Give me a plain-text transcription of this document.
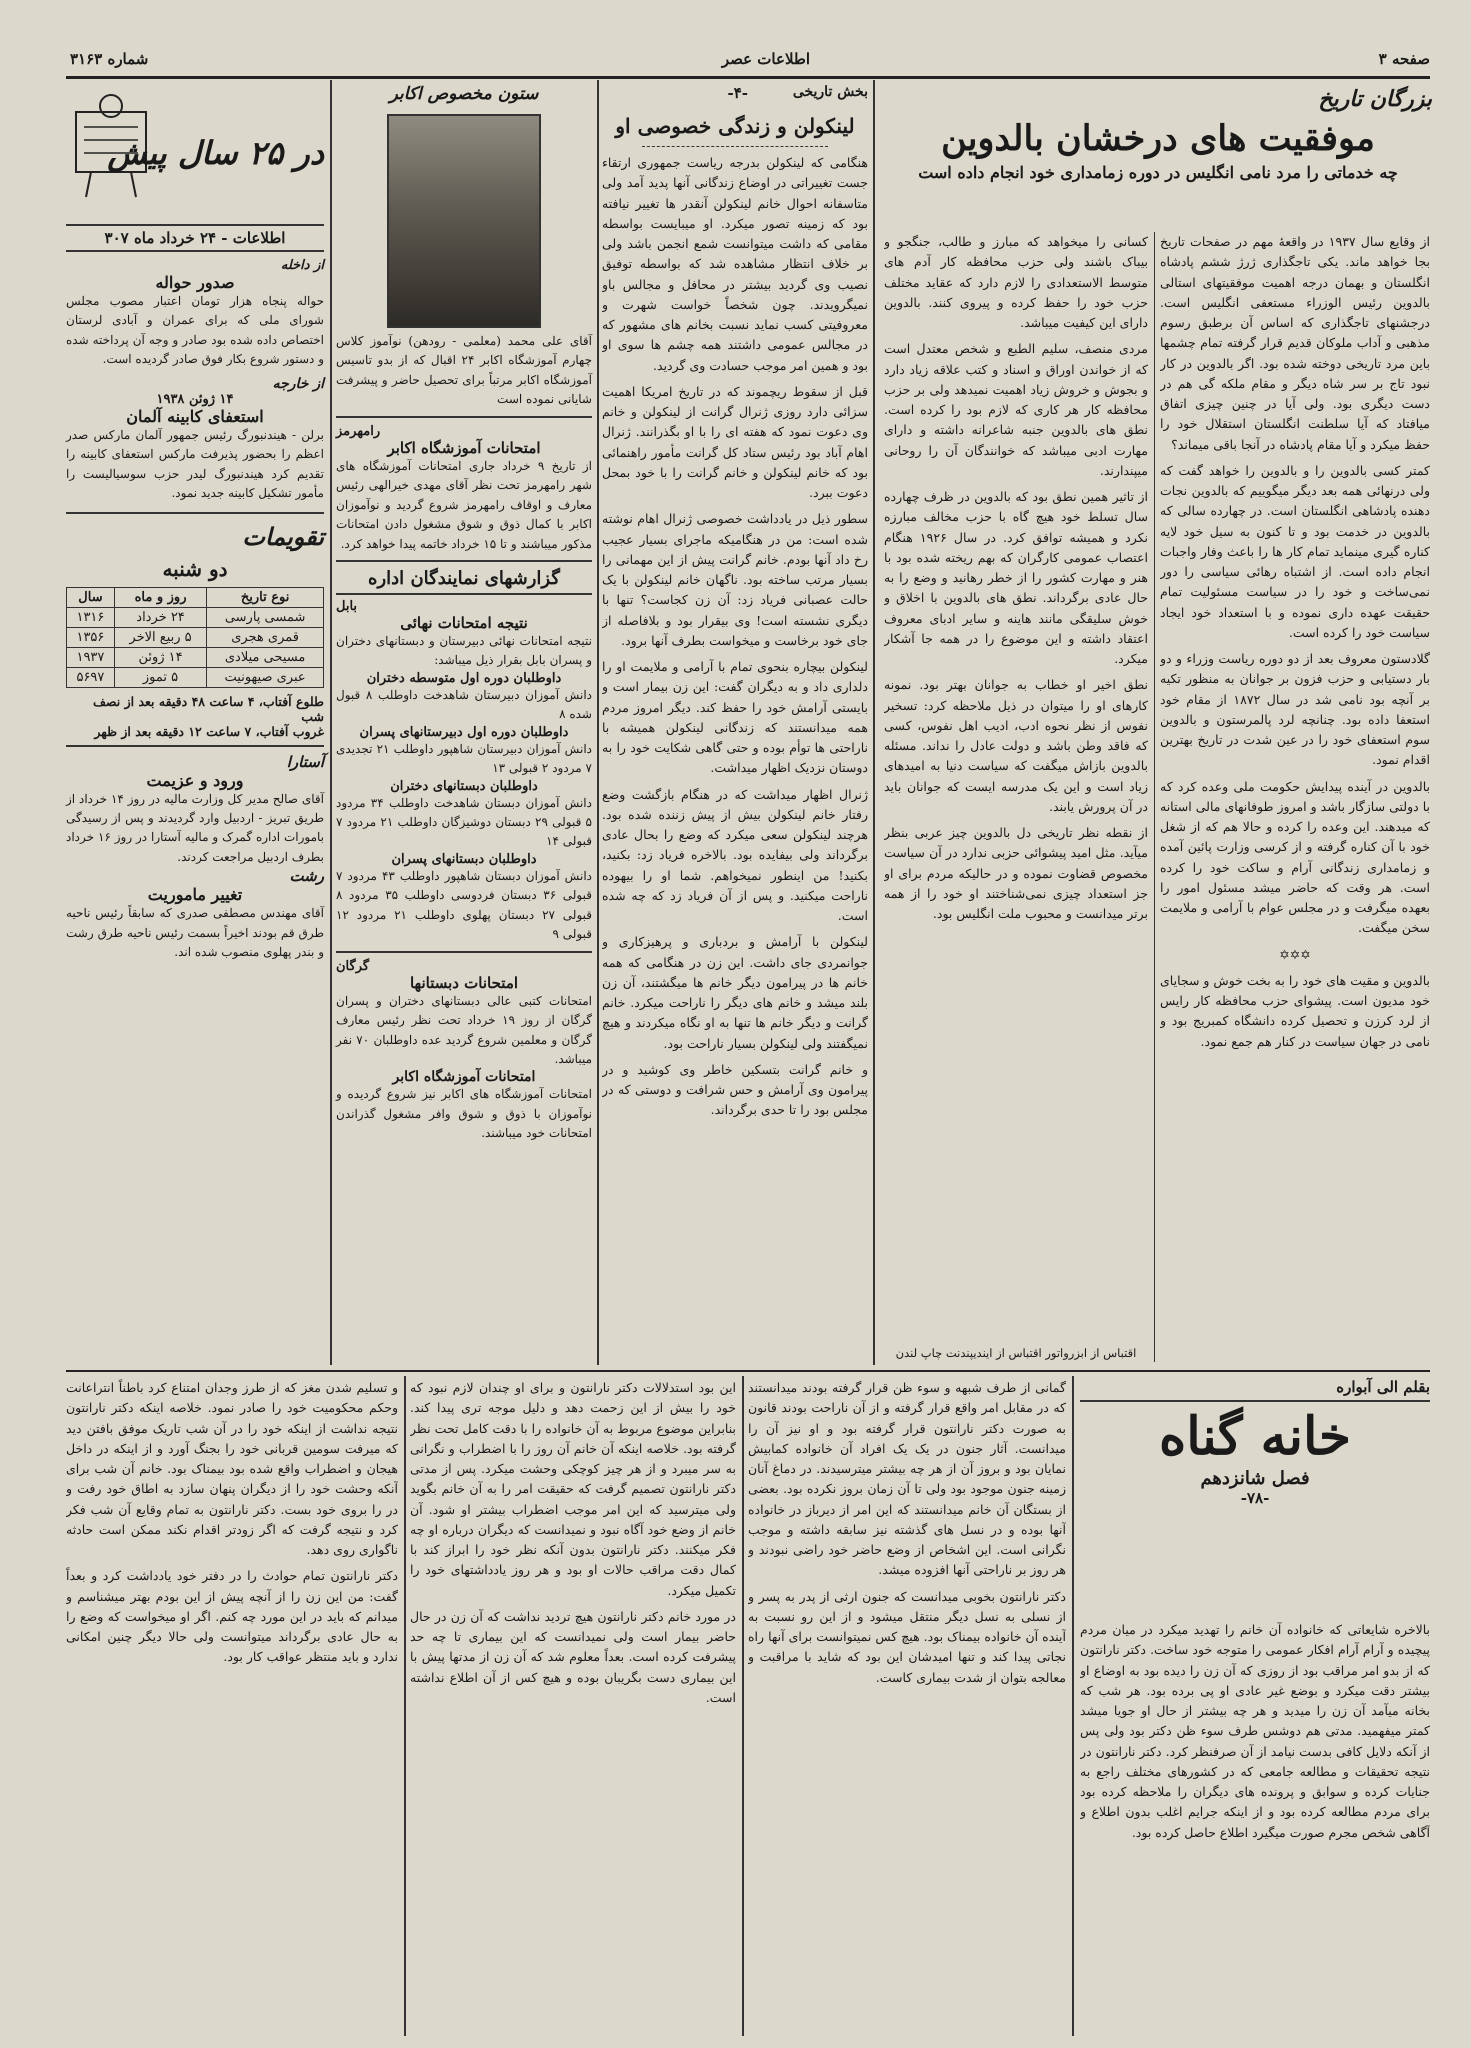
صفحه ۳
اطلاعات عصر
شماره ۳۱۶۳
بزرگان تاریخ
موفقیت های درخشان بالدوین
چه خدماتی را مرد نامی انگلیس در دوره زمامداری خود انجام داده است

از وقایع سال ۱۹۳۷ در واقعهٔ مهم در صفحات تاریخ بجا خواهد ماند. یکی تاجگذاری ژرژ ششم پادشاه انگلستان و بهمان درجه اهمیت موفقیتهای استالی بالدوین رئیس الوزراء مستعفی انگلیس است. درجشنهای تاجگذاری که اساس آن برطبق رسوم مذهبی و آداب ملوکان قدیم قرار گرفته تمام چشمها باین مرد تاریخی دوخته شده بود. اگر بالدوین در کار نبود تاج بر سر شاه دیگر و مقام ملکه گی هم در دست دیگری بود. ولی آیا در چنین چیزی اتفاق میافتاد که آیا سلطنت انگلستان استقلال خود را حفظ میکرد و آیا مقام پادشاه در آنجا باقی میماند؟

کمتر کسی بالدوین را و بالدوین را خواهد گفت که ولی درنهائی همه بعد دیگر میگوییم که بالدوین نجات دهنده پادشاهی انگلستان است. در چهارده سالی که بالدوین در خدمت بود و تا کنون به سیل خود لایه کناره گیری مینماید تمام کار ها را باعث وفار واجبات انجام داده است. از اشتباه رهائی سیاسی را دور نمی‌ساخت و خود را در سیاست مسئولیت تمام حقیقت عهده داری نموده و با استعداد خود ایجاد سیاست خود را کرده است.

گلادستون معروف بعد از دو دوره ریاست وزراء و دو بار دستیابی و حزب فزون بر جوانان به منظور تکیه بر آنچه بود نامی شد در سال ۱۸۷۲ از مقام خود استعفا داده بود. چنانچه لرد پالمرستون و بالدوین سوم استعفای خود را در عین شدت در تاریخ بهترین اقدام نمود.

بالدوین در آینده پیدایش حکومت ملی وعده کرد که با دولتی سازگار باشد و امروز طوفانهای مالی استانه که میدهند. این وعده را کرده و حالا هم که از شغل خود با آن کناره گرفته و از کرسی وزارت پائین آمده و زمامداری زندگانی آرام و ساکت خود را کرده است. هر وقت که حاضر میشد مسئول امور را بعهده میگرفت و در مجلس عوام با آرامی و ملایمت سخن میگفت.

✡✡✡

بالدوین و مقیت های خود را به بخت خوش و سجایای خود مدیون است. پیشوای حزب محافظه کار رایس از لرد کرزن و تحصیل کرده دانشگاه کمبریج بود و نامی در جهان سیاست در کنار هم جمع نمود.

کسانی را میخواهد که مبارز و طالب، جنگجو و بیباک باشند ولی حزب محافظه کار آدم های متوسط الاستعدادی را لازم دارد که عقاید مختلف حزب خود را حفظ کرده و پیروی کنند. بالدوین دارای این کیفیت میباشد.

مردی منصف، سلیم الطبع و شخص معتدل است که از خواندن اوراق و اسناد و کتب علاقه زیاد دارد و بجوش و خروش زیاد اهمیت نمیدهد ولی بر حزب محافظه کار هر کاری که لازم بود را کرده است. نطق های بالدوین جنبه شاعرانه داشته و دارای مهارت ادبی میباشد که خوانندگان آن را روحانی میپندارند.

از تاثیر همین نطق بود که بالدوین در ظرف چهارده سال تسلط خود هیچ گاه با حزب مخالف مبارزه نکرد و همیشه توافق کرد. در سال ۱۹۲۶ هنگام اعتصاب عمومی کارگران که بهم ریخته شده بود با هنر و مهارت کشور را از خطر رهانید و وضع را به حال عادی برگرداند. نطق های بالدوین با اخلاق و خوش سلیقگی مانند هاینه و سایر ادبای معروف اعتقاد داشته و این موضوع را در همه جا آشکار میکرد.

نطق اخیر او خطاب به جوانان بهتر بود. نمونه کارهای او را میتوان در ذیل ملاحظه کرد: تسخیر نفوس از نظر نحوه ادب، ادیب اهل نفوس، کسی که فاقد وطن باشد و دولت عادل را نداند. مسئله بالدوین بازاش میگفت که سیاست دنیا به امیدهای زیاد است و این یک مدرسه ایست که جوانان باید در آن پرورش یابند.

از نقطه نظر تاریخی دل بالدوین چیز عربی بنظر میآید. مثل امید پیشوائی حزبی ندارد در آن سیاست مخصوص قضاوت نموده و در حالیکه مردم برای او جز استعداد چیزی نمی‌شناختند او خود را از همه برتر میدانست و محبوب ملت انگلیس بود.

اقتباس از ابزرواتور اقتباس از ایندیپندنت چاپ لندن
بخش تاریخی
-۴-
لینکولن و زندگی خصوصی او

هنگامی که لینکولن بدرجه ریاست جمهوری ارتقاء جست تغییراتی در اوضاع زندگانی آنها پدید آمد ولی متاسفانه احوال خانم لینکولن آنقدر ها تغییر نیافته بود که زمینه تصور میکرد. او میبایست بواسطه مقامی که داشت میتوانست شمع انجمن باشد ولی بر خلاف انتظار مشاهده شد که بواسطه توفیق نصیب وی گردید بیشتر در محافل و مجالس باو نمیگرویدند. چون شخصاً خواست شهرت و معروفیتی کسب نماید نسبت بخانم های مشهور که در مجالس عمومی داشتند همه چشم ها سوی او بود و همین امر موجب حسادت وی گردید.

قبل از سقوط ریچموند که در تاریخ امریکا اهمیت سزائی دارد روزی ژنرال گرانت از لینکولن و خانم وی دعوت نمود که هفته ای را با او بگذرانند. ژنرال اهام آباد بود رئیس ستاد کل گرانت مأمور راهنمائی بود که خانم لینکولن و خانم گرانت را با خود بمحل دعوت ببرد.

سطور ذیل در یادداشت خصوصی ژنرال اهام نوشته شده است: من در هنگامیکه ماجرای بسیار عجیب رخ داد آنها بودم. خانم گرانت پیش از این مهمانی را بسیار مرتب ساخته بود. ناگهان خانم لینکولن با یک حالت عصبانی فریاد زد: آن زن کجاست؟ تنها با دیگری نشسته است! وی بیقرار بود و بلافاصله از جای خود برخاست و میخواست بطرف آنها برود.

لینکولن بیچاره بنحوی تمام با آرامی و ملایمت او را دلداری داد و به دیگران گفت: این زن بیمار است و بایستی آرامش خود را حفظ کند. دیگر امروز مردم همه میدانستند که زندگانی لینکولن همیشه با ناراحتی ها توأم بوده و حتی گاهی شکایت خود را به دوستان نزدیک اظهار میداشت.

ژنرال اظهار میداشت که در هنگام بازگشت وضع رفتار خانم لینکولن بیش از پیش زننده شده بود. هرچند لینکولن سعی میکرد که وضع را بحال عادی برگرداند ولی بیفایده بود. بالاخره فریاد زد: بکنید، بکنید! من اینطور نمیخواهم. شما او را بیهوده ناراحت میکنید. و پس از آن فریاد زد که چه شده است.

لینکولن با آرامش و بردباری و پرهیزکاری و جوانمردی جای داشت. این زن در هنگامی که همه خانم ها در پیرامون دیگر خانم ها میگشتند، آن زن بلند میشد و خانم های دیگر را ناراحت میکرد. خانم گرانت و دیگر خانم ها تنها به او نگاه میکردند و هیچ نمیگفتند ولی لینکولن بسیار ناراحت بود.

و خانم گرانت بتسکین خاطر وی کوشید و در پیرامون وی آرامش و حس شرافت و دوستی که در مجلس بود را تا حدی برگرداند.

ستون مخصوص اکابر
آقای علی محمد (معلمی - رودهن) نوآموز کلاس چهارم آموزشگاه اکابر ۲۴ اقبال که از بدو تاسیس آموزشگاه اکابر مرتباً برای تحصیل حاضر و پیشرفت شایانی نموده است
رامهرمز
امتحانات آموزشگاه اکابر
از تاریخ ۹ خرداد جاری امتحانات آموزشگاه های شهر رامهرمز تحت نظر آقای مهدی خیرالهی رئیس معارف و اوقاف رامهرمز شروع گردید و نوآموزان اکابر با کمال ذوق و شوق مشغول دادن امتحانات مذکور میباشند و تا ۱۵ خرداد خاتمه پیدا خواهد کرد.
گزارشهای نمایندگان اداره
بابل
نتیجه امتحانات نهائی
نتیجه امتحانات نهائی دبیرستان و دبستانهای دختران و پسران بابل بقرار ذیل میباشد:
داوطلبان دوره اول متوسطه دختران
دانش آموزان دبیرستان شاهدخت داوطلب ۸ قبول شده ۸
داوطلبان دوره اول دبیرستانهای پسران
دانش آموزان دبیرستان شاهپور داوطلب ۲۱ تجدیدی ۷ مردود ۲ قبولی ۱۳
داوطلبان دبستانهای دختران
دانش آموزان دبستان شاهدخت داوطلب ۳۴ مردود ۵ قبولی ۲۹ دبستان دوشیزگان داوطلب ۲۱ مردود ۷ قبولی ۱۴
داوطلبان دبستانهای پسران
دانش آموزان دبستان شاهپور داوطلب ۴۳ مردود ۷ قبولی ۳۶ دبستان فردوسی داوطلب ۳۵ مردود ۸ قبولی ۲۷ دبستان پهلوی داوطلب ۲۱ مردود ۱۲ قبولی ۹
گرگان
امتحانات دبستانها
امتحانات کتبی عالی دبستانهای دختران و پسران گرگان از روز ۱۹ خرداد تحت نظر رئیس معارف گرگان و معلمین شروع گردید عده داوطلبان ۷۰ نفر میباشد.
امتحانات آموزشگاه اکابر
امتحانات آموزشگاه های اکابر نیز شروع گردیده و نوآموزان با ذوق و شوق وافر مشغول گذراندن امتحانات خود میباشند.
در ۲۵ سال پیش
اطلاعات - ۲۴ خرداد ماه ۳۰۷
از داخله
صدور حواله
حواله پنجاه هزار تومان اعتبار مصوب مجلس شورای ملی که برای عمران و آبادی لرستان اختصاص داده شده بود صادر و وجه آن پرداخته شده و دستور شروع بکار فوق صادر گردیده است.
از خارجه
۱۴ ژوئن ۱۹۳۸
استعفای کابینه آلمان
برلن - هیندنبورگ رئیس جمهور آلمان مارکس صدر اعظم را بحضور پذیرفت مارکس استعفای کابینه را تقدیم کرد هیندنبورگ لیدر حزب سوسیالیست را مأمور تشکیل کابینه جدید نمود.
تقویمات
دو شنبه
نوع تاریخ	روز و ماه	سال
شمسی پارسی	۲۴ خرداد	۱۳۱۶
قمری هجری	۵ ربیع الاخر	۱۳۵۶
مسیحی میلادی	۱۴ ژوئن	۱۹۳۷
عبری صیهونیت	۵ تموز	۵۶۹۷
طلوع آفتاب، ۴ ساعت ۴۸ دقیقه بعد از نصف شب
غروب آفتاب، ۷ ساعت ۱۲ دقیقه بعد از ظهر
آستارا
ورود و عزیمت
آقای صالح مدیر کل وزارت مالیه در روز ۱۴ خرداد از طریق تبریز - اردبیل وارد گردیدند و پس از رسیدگی بامورات اداره گمرک و مالیه آستارا در روز ۱۶ خرداد بطرف اردبیل مراجعت کردند.
رشت
تغییر ماموریت
آقای مهندس مصطفی صدری که سابقاً رئیس ناحیه طرق قم بودند اخیراً بسمت رئیس ناحیه طرق رشت و بندر پهلوی منصوب شده اند.
بقلم الی آبواره
خانه گناه
فصل شانزدهم
-۷۸-
بالاخره شایعاتی که خانواده آن خانم را تهدید میکرد در میان مردم پیچیده و آرام آرام افکار عمومی را متوجه خود ساخت. دکتر نارانتون که از بدو امر مراقب بود از روزی که آن زن را دیده بود به اوضاع او بیشتر دقت میکرد و بوضع غیر عادی او پی برده بود. هر شب که بخانه میآمد آن زن را میدید و هر چه بیشتر از حال او جویا میشد کمتر میفهمید. مدتی هم دوشس طرف سوء ظن دکتر بود ولی پس از آنکه دلایل کافی بدست نیامد از آن صرفنظر کرد. دکتر نارانتون در نتیجه تحقیقات و مطالعه جامعی که در کشورهای مختلف راجع به جنایات کرده و سوابق و پرونده های دیگران را ملاحظه کرده بود برای مردم مطالعه کرده بود و از اینکه جرایم اغلب بدون اطلاع و آگاهی شخص مجرم صورت میگیرد اطلاع حاصل کرده بود.

گمانی از طرف شبهه و سوء ظن قرار گرفته بودند میدانستند که در مقابل امر واقع قرار گرفته و از آن ناراحت بودند قانون به صورت دکتر نارانتون قرار گرفته بود و او نیز آن را میدانست. آثار جنون در یک یک افراد آن خانواده کمابیش نمایان بود و بروز آن از هر چه بیشتر میترسیدند. در دماغ آنان زمینه جنون موجود بود ولی تا آن زمان بروز نکرده بود. بعضی از بستگان آن خانم میدانستند که این امر از دیرباز در خانواده آنها بوده و در نسل های گذشته نیز سابقه داشته و موجب نگرانی است. این اشخاص از وضع حاضر خود راضی نبودند و هر روز بر ناراحتی آنها افزوده میشد.

دکتر نارانتون بخوبی میدانست که جنون ارثی از پدر به پسر و از نسلی به نسل دیگر منتقل میشود و از این رو نسبت به آینده آن خانواده بیمناک بود. هیچ کس نمیتوانست برای آنها راه نجاتی پیدا کند و تنها امیدشان این بود که شاید با مراقبت و معالجه بتوان از شدت بیماری کاست.

این بود استدلالات دکتر نارانتون و برای او چندان لازم نبود که خود را بیش از این زحمت دهد و دلیل موجه تری پیدا کند. بنابراین موضوع مربوط به آن خانواده را با دقت کامل تحت نظر گرفته بود. خلاصه اینکه آن خانم آن روز را با اضطراب و نگرانی به سر میبرد و از هر چیز کوچکی وحشت میکرد. پس از مدتی دکتر نارانتون تصمیم گرفت که حقیقت امر را به آن خانم بگوید ولی میترسید که این امر موجب اضطراب بیشتر او شود. آن خانم از وضع خود آگاه نبود و نمیدانست که دیگران درباره او چه فکر میکنند. دکتر نارانتون بدون آنکه نظر خود را ابراز کند با کمال دقت مراقب حالات او بود و هر روز یادداشتهای خود را تکمیل میکرد.

در مورد خانم دکتر نارانتون هیچ تردید نداشت که آن زن در حال حاضر بیمار است ولی نمیدانست که این بیماری تا چه حد پیشرفت کرده است. بعداً معلوم شد که آن زن از مدتها پیش با این بیماری دست بگریبان بوده و هیچ کس از آن اطلاع نداشته است.

و تسلیم شدن مغز که از طرز وجدان امتناع کرد باطناً انتراعانت وحکم محکومیت خود را صادر نمود. خلاصه اینکه دکتر نارانتون نتیجه نداشت از اینکه خود را در آن شب تاریک موفق بافتن دید که میرفت سومین قربانی خود را بجنگ آورد و از اینکه در داخل هیجان و اضطراب واقع شده بود بیمناک بود. خانم آن شب برای آنکه وحشت خود را از دیگران پنهان سازد به اطاق خود رفت و در را بروی خود بست. دکتر نارانتون به تمام وقایع آن شب فکر کرد و نتیجه گرفت که اگر زودتر اقدام نکند ممکن است حادثه ناگواری روی دهد.

دکتر نارانتون تمام حوادث را در دفتر خود یادداشت کرد و بعداً گفت: من این زن را از آنچه پیش از این بودم بهتر میشناسم و میدانم که باید در این مورد چه کنم. اگر او میخواست که وضع را به حال عادی برگرداند میتوانست ولی حالا دیگر چنین امکانی ندارد و باید منتظر عواقب کار بود.
